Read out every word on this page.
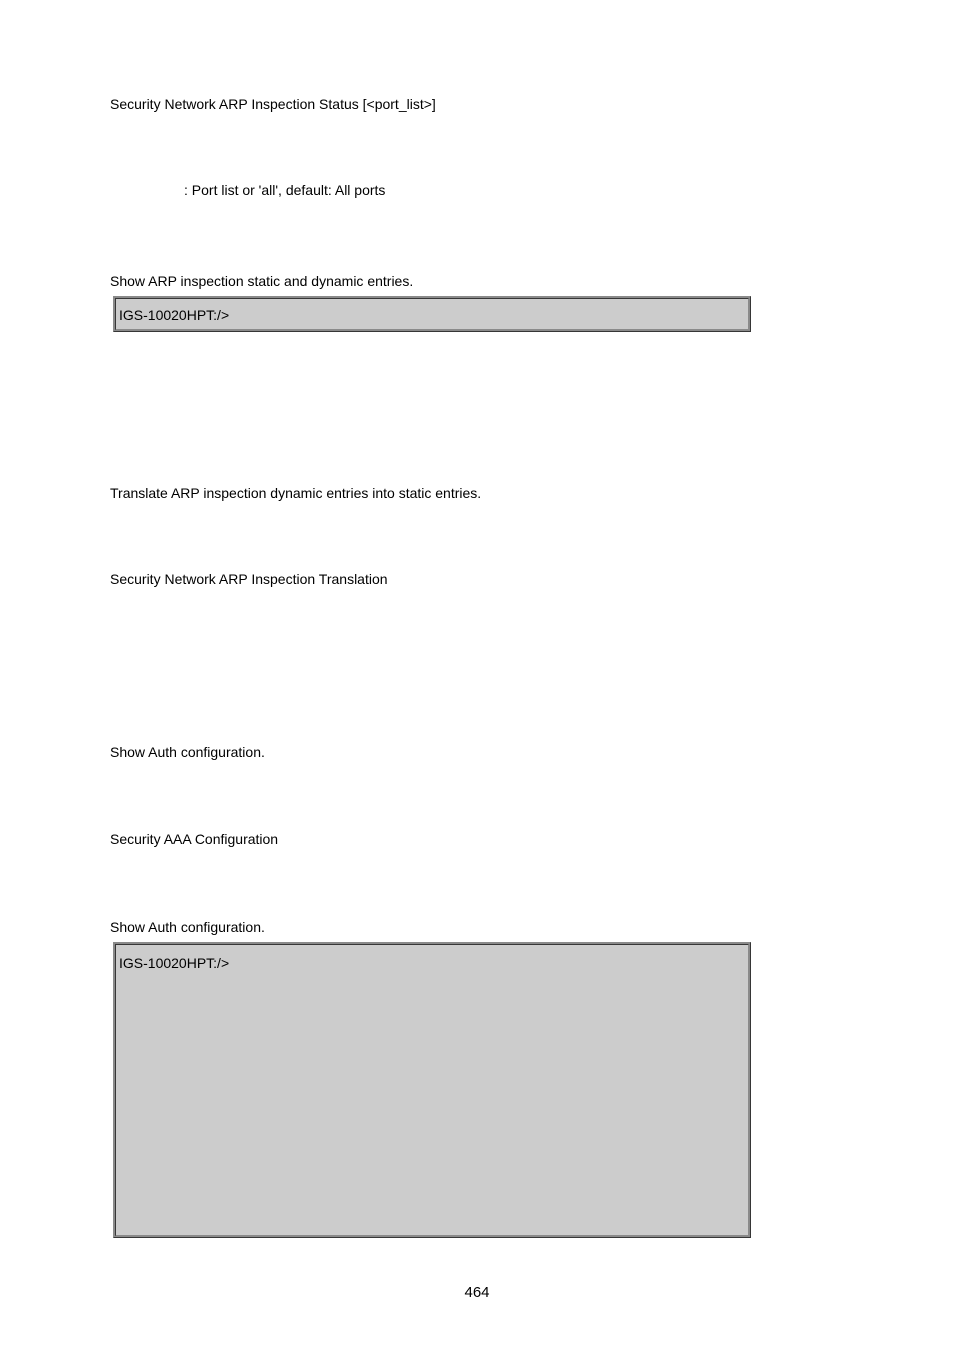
Security Network ARP Inspection Status [<port_list>]
: Port list or 'all', default: All ports
Show ARP inspection static and dynamic entries.
IGS-10020HPT:/>
Translate ARP inspection dynamic entries into static entries.
Security Network ARP Inspection Translation
Show Auth configuration.
Security AAA Configuration
Show Auth configuration.
IGS-10020HPT:/>
464
